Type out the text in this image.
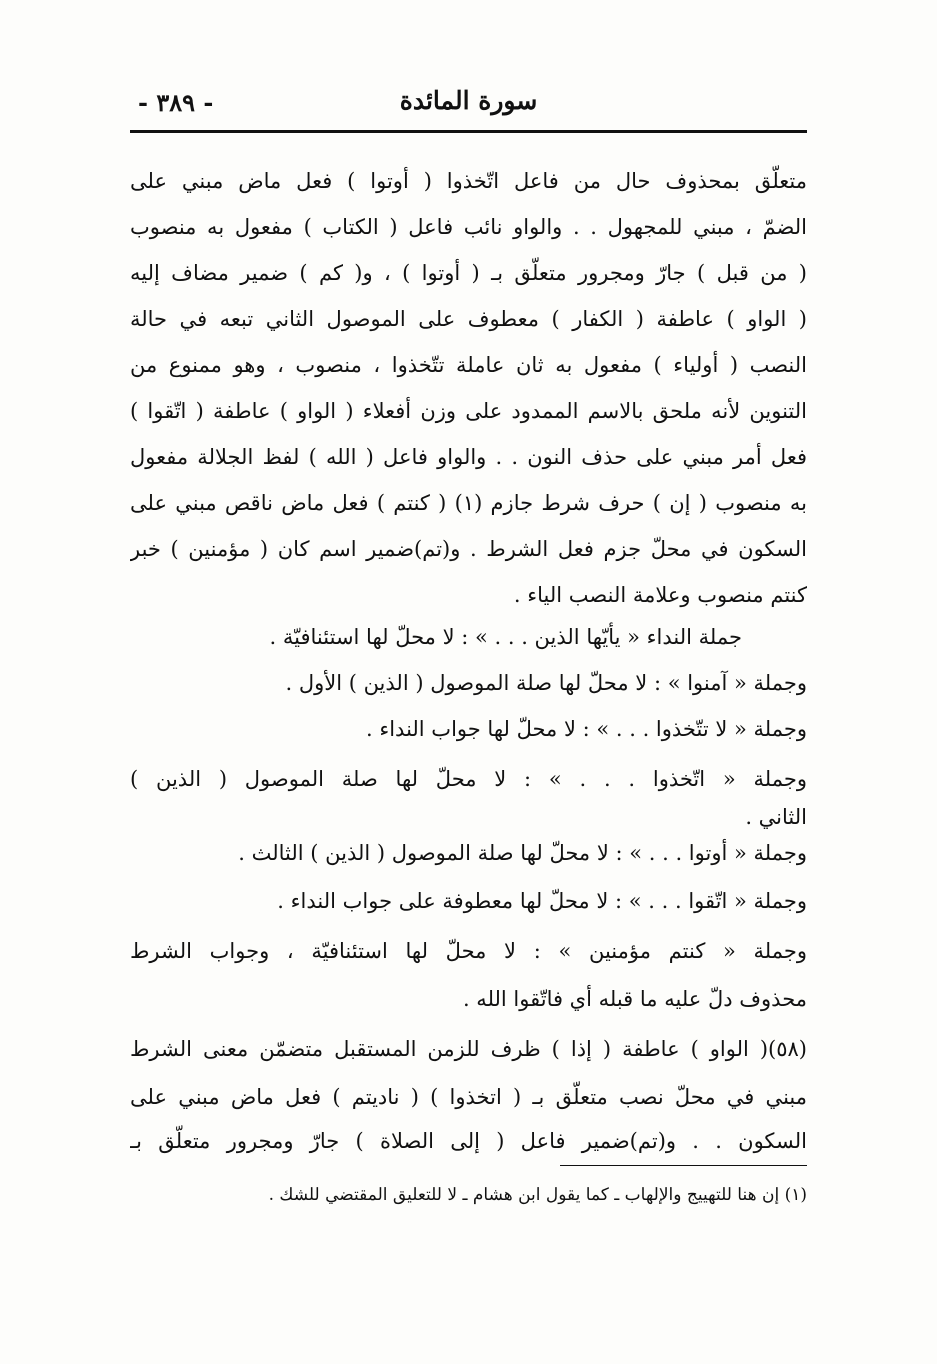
- ٣٨٩ -	سورة المائدة
متعلّق بمحذوف حال من فاعل اتّخذوا ( أوتوا ) فعل ماض مبني على
الضمّ ، مبني للمجهول . . والواو نائب فاعل ( الكتاب ) مفعول به منصوب
( من قبل ) جارّ ومجرور متعلّق بـ ( أوتوا ) ، و( كم ) ضمير مضاف إليه
( الواو ) عاطفة ( الكفار ) معطوف على الموصول الثاني تبعه في حالة
النصب ( أولياء ) مفعول به ثان عاملة تتّخذوا ، منصوب ، وهو ممنوع من
التنوين لأنه ملحق بالاسم الممدود على وزن أفعلاء ( الواو ) عاطفة ( اتّقوا )
فعل أمر مبني على حذف النون . . والواو فاعل ( الله ) لفظ الجلالة مفعول
به منصوب ( إن ) حرف شرط جازم (١) ( كنتم ) فعل ماض ناقص مبني على
السكون في محلّ جزم فعل الشرط . و(تم)ضمير اسم كان ( مؤمنين ) خبر
كنتم منصوب وعلامة النصب الياء .
جملة النداء « يأيّها الذين . . . » : لا محلّ لها استئنافيّة .
وجملة « آمنوا » : لا محلّ لها صلة الموصول ( الذين ) الأول .
وجملة « لا تتّخذوا . . . » : لا محلّ لها جواب النداء .
وجملة « اتّخذوا . . . » : لا محلّ لها صلة الموصول ( الذين )
الثاني .
وجملة « أوتوا . . . » : لا محلّ لها صلة الموصول ( الذين ) الثالث .
وجملة « اتّقوا . . . » : لا محلّ لها معطوفة على جواب النداء .
وجملة « كنتم مؤمنين » : لا محلّ لها استئنافيّة ، وجواب الشرط
محذوف دلّ عليه ما قبله أي فاتّقوا الله .
(٥٨)( الواو ) عاطفة ( إذا ) ظرف للزمن المستقبل متضمّن معنى الشرط
مبني في محلّ نصب متعلّق بـ ( اتخذوا ) ( ناديتم ) فعل ماض مبني على
السكون . . و(تم)ضمير فاعل ( إلى الصلاة ) جارّ ومجرور متعلّق بـ
(١) إن هنا للتهييج والإلهاب ـ كما يقول ابن هشام ـ لا للتعليق المقتضي للشك .
